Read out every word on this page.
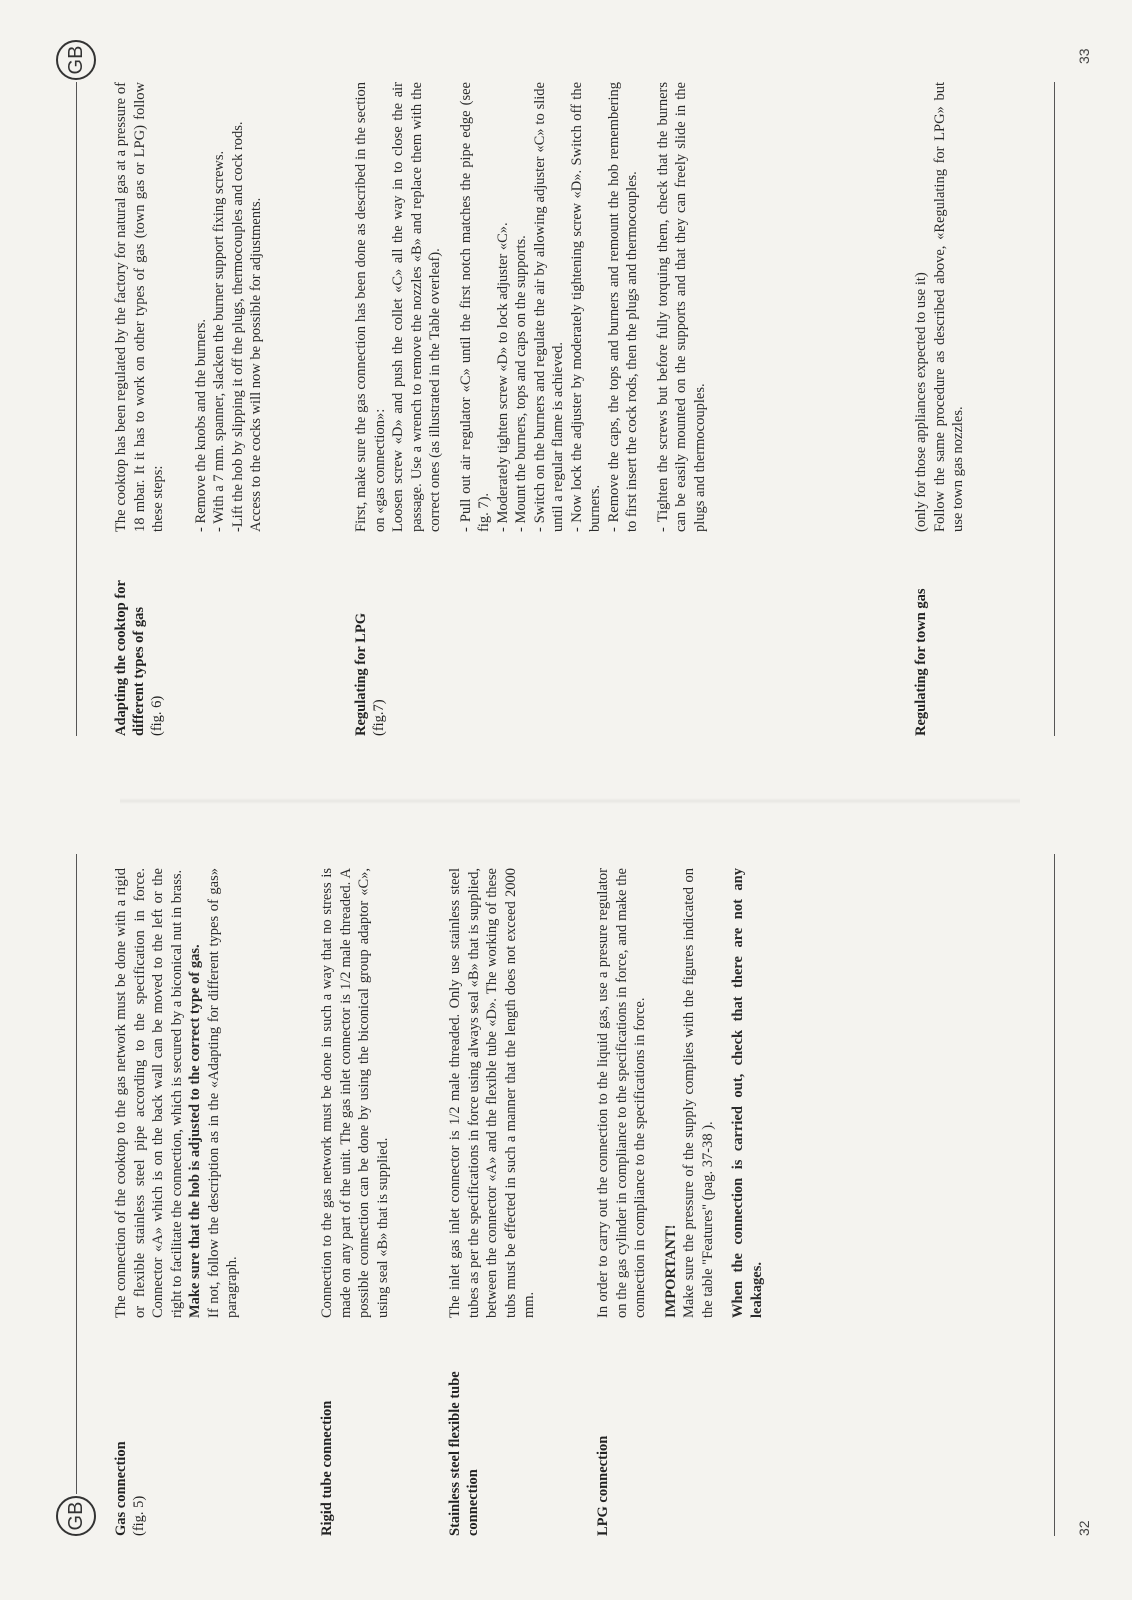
GB	Gas connection (fig. 5)

The connection of the cooktop to the gas network must be done with a rigid or flexible stainless steel pipe according to the specification in force. Connector «A» which is on the back wall can be moved to the left or the right to facilitate the connection, which is secured by a biconical nut in brass. Make sure that the hob is adjusted to the correct type of gas. If not, follow the description as in the «Adapting for different types of gas» paragraph.

Rigid tube connection

Connection to the gas network must be done in such a way that no stress is made on any part of the unit. The gas inlet connector is 1/2 male threaded. A possible connection can be done by using the biconical group adaptor «C», using seal «B» that is supplied.

Stainless steel flexible tube connection

The inlet gas inlet connector is 1/2 male threaded. Only use stainless steel tubes as per the specifications in force using always seal «B» that is supplied, between the connector «A» and the flexible tube «D». The working of these tubs must be effected in such a manner that the length does not exceed 2000 mm.

LPG connection

In order to carry out the connection to the liquid gas, use a presure regulator on the gas cylinder in compliance to the specifications in force, and make the connection in compliance to the specifications in force. IMPORTANT! Make sure the pressure of the supply complies with the figures indicated on the table "Features" (pag. 37-38 ). When the connection is carried out, check that there are not any leakages.

32
GB
Adapting the cooktop for different types of gas (fig. 6)

The cooktop has been regulated by the factory for natural gas at a pressure of 18 mbar. It it has to work on other types of gas (town gas or LPG) follow these steps: - Remove the knobs and the burners. - With a 7 mm. spanner, slacken the burner support fixing screws. -Lift the hob by slipping it off the plugs, thermocouples and cock rods. Access to the cocks will now be possible for adjustments.

Regulating for LPG (fig.7)

First, make sure the gas connection has been done as described in the section on «gas connection»: Loosen screw «D» and push the collet «C» all the way in to close the air passage. Use a wrench to remove the nozzles «B» and replace them with the correct ones (as illustrated in the Table overleaf). - Pull out air regulator «C» until the first notch matches the pipe edge (see fig. 7). - Moderately tighten screw «D» to lock adjuster «C». - Mount the burners, tops and caps on the supports. - Switch on the burners and regulate the air by allowing adjuster «C» to slide until a regular flame is achieved. - Now lock the adjuster by moderately tightening screw «D». Switch off the burners. - Remove the caps, the tops and burners and remount the hob remembering to first insert the cock rods, then the plugs and thermocouples. - Tighten the screws but before fully torquing them, check that the burners can be easily mounted on the supports and that they can freely slide in the plugs and thermocouples.

Regulating for town gas

(only for those appliances expected to use it) Follow the same procedure as described above, «Regulating for LPG» but use town gas nozzles.

33
